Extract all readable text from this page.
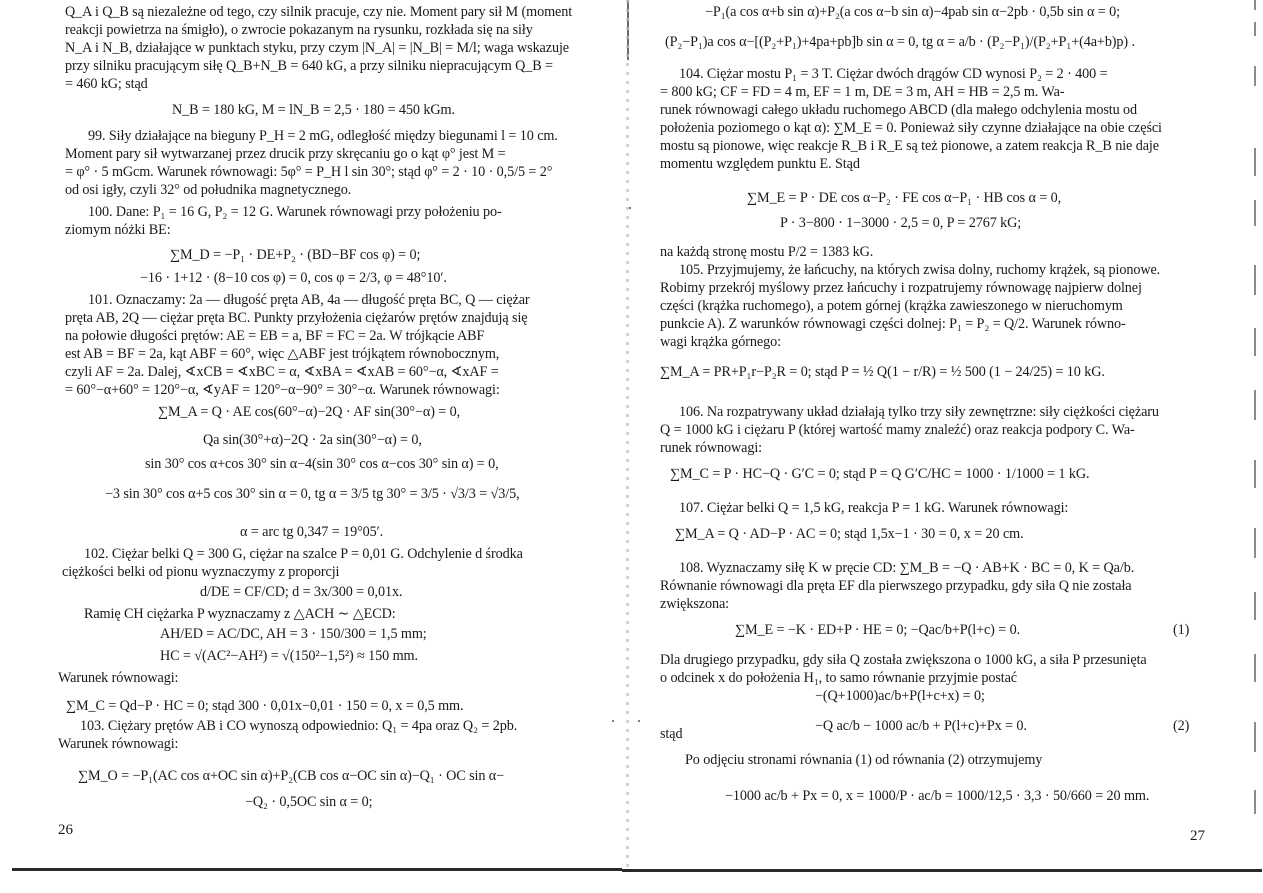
Q_A i Q_B są niezależne od tego, czy silnik pracuje, czy nie. Moment pary sił M (moment
reakcji powietrza na śmigło), o zwrocie pokazanym na rysunku, rozkłada się na siły
N_A i N_B, działające w punktach styku, przy czym |N_A| = |N_B| = M/l; waga wskazuje
przy silniku pracującym siłę Q_B+N_B = 640 kG, a przy silniku niepracującym Q_B =
= 460 kG; stąd
N_B = 180 kG, M = lN_B = 2,5 · 180 = 450 kGm.
99. Siły działające na bieguny P_H = 2 mG, odległość między biegunami l = 10 cm.
Moment pary sił wytwarzanej przez drucik przy skręcaniu go o kąt φ° jest M =
= φ° · 5 mGcm. Warunek równowagi: 5φ° = P_H l sin 30°; stąd φ° = 2 · 10 · 0,5/5 = 2°
od osi igły, czyli 32° od południka magnetycznego.
100. Dane: P₁ = 16 G, P₂ = 12 G. Warunek równowagi przy położeniu po-
ziomym nóżki BE:
∑M_D = −P₁ · DE+P₂ · (BD−BF cos φ) = 0;
−16 · 1+12 · (8−10 cos φ) = 0, cos φ = 2/3, φ = 48°10′.
101. Oznaczamy: 2a — długość pręta AB, 4a — długość pręta BC, Q — ciężar
pręta AB, 2Q — ciężar pręta BC. Punkty przyłożenia ciężarów prętów znajdują się
na połowie długości prętów: AE = EB = a, BF = FC = 2a. W trójkącie ABF
est AB = BF = 2a, kąt ABF = 60°, więc △ABF jest trójkątem równobocznym,
czyli AF = 2a. Dalej, ∢xCB = ∢xBC = α, ∢xBA = ∢xAB = 60°−α, ∢xAF =
= 60°−α+60° = 120°−α, ∢yAF = 120°−α−90° = 30°−α. Warunek równowagi:
∑M_A = Q · AE cos(60°−α)−2Q · AF sin(30°−α) = 0,
Qa sin(30°+α)−2Q · 2a sin(30°−α) = 0,
sin 30° cos α+cos 30° sin α−4(sin 30° cos α−cos 30° sin α) = 0,
−3 sin 30° cos α+5 cos 30° sin α = 0, tg α = 3/5 tg 30° = 3/5 · √3/3 = √3/5,
α = arc tg 0,347 = 19°05′.
102. Ciężar belki Q = 300 G, ciężar na szalce P = 0,01 G. Odchylenie d środka
ciężkości belki od pionu wyznaczymy z proporcji
d/DE = CF/CD; d = 3x/300 = 0,01x.
Ramię CH ciężarka P wyznaczamy z △ACH ∼ △ECD:
AH/ED = AC/DC, AH = 3 · 150/300 = 1,5 mm;
HC = √(AC²−AH²) = √(150²−1,5²) ≈ 150 mm.
Warunek równowagi:
∑M_C = Qd−P · HC = 0; stąd 300 · 0,01x−0,01 · 150 = 0, x = 0,5 mm.
103. Ciężary prętów AB i CO wynoszą odpowiednio: Q₁ = 4pa oraz Q₂ = 2pb.
Warunek równowagi:
∑M_O = −P₁(AC cos α+OC sin α)+P₂(CB cos α−OC sin α)−Q₁ · OC sin α−
−Q₂ · 0,5OC sin α = 0;
26
−P₁(a cos α+b sin α)+P₂(a cos α−b sin α)−4pab sin α−2pb · 0,5b sin α = 0;
(P₂−P₁)a cos α−[(P₂+P₁)+4pa+pb]b sin α = 0, tg α = a/b · (P₂−P₁)/(P₂+P₁+(4a+b)p) .
104. Ciężar mostu P₁ = 3 T. Ciężar dwóch drągów CD wynosi P₂ = 2 · 400 =
= 800 kG; CF = FD = 4 m, EF = 1 m, DE = 3 m, AH = HB = 2,5 m. Wa-
runek równowagi całego układu ruchomego ABCD (dla małego odchylenia mostu od
położenia poziomego o kąt α): ∑M_E = 0. Ponieważ siły czynne działające na obie części
mostu są pionowe, więc reakcje R_B i R_E są też pionowe, a zatem reakcja R_B nie daje
momentu względem punktu E. Stąd
∑M_E = P · DE cos α−P₂ · FE cos α−P₁ · HB cos α = 0,
P · 3−800 · 1−3000 · 2,5 = 0, P = 2767 kG;
na każdą stronę mostu P/2 = 1383 kG.
105. Przyjmujemy, że łańcuchy, na których zwisa dolny, ruchomy krążek, są pionowe.
Robimy przekrój myślowy przez łańcuchy i rozpatrujemy równowagę najpierw dolnej
części (krążka ruchomego), a potem górnej (krążka zawieszonego w nieruchomym
punkcie A). Z warunków równowagi części dolnej: P₁ = P₂ = Q/2. Warunek równo-
wagi krążka górnego:
∑M_A = PR+P₁r−P₂R = 0; stąd P = ½ Q(1 − r/R) = ½ 500 (1 − 24/25) = 10 kG.
106. Na rozpatrywany układ działają tylko trzy siły zewnętrzne: siły ciężkości ciężaru
Q = 1000 kG i ciężaru P (której wartość mamy znaleźć) oraz reakcja podpory C. Wa-
runek równowagi:
∑M_C = P · HC−Q · G′C = 0; stąd P = Q G′C/HC = 1000 · 1/1000 = 1 kG.
107. Ciężar belki Q = 1,5 kG, reakcja P = 1 kG. Warunek równowagi:
∑M_A = Q · AD−P · AC = 0; stąd 1,5x−1 · 30 = 0, x = 20 cm.
108. Wyznaczamy siłę K w pręcie CD: ∑M_B = −Q · AB+K · BC = 0, K = Qa/b.
Równanie równowagi dla pręta EF dla pierwszego przypadku, gdy siła Q nie została
zwiększona:
∑M_E = −K · ED+P · HE = 0; −Qac/b+P(l+c) = 0.	(1)
Dla drugiego przypadku, gdy siła Q została zwiększona o 1000 kG, a siła P przesunięta
o odcinek x do położenia H₁, to samo równanie przyjmie postać
−(Q+1000)ac/b+P(l+c+x) = 0;
stąd	−Q ac/b − 1000 ac/b + P(l+c)+Px = 0.	(2)
Po odjęciu stronami równania (1) od równania (2) otrzymujemy
−1000 ac/b + Px = 0, x = 1000/P · ac/b = 1000/12,5 · 3,3 · 50/660 = 20 mm.
27
